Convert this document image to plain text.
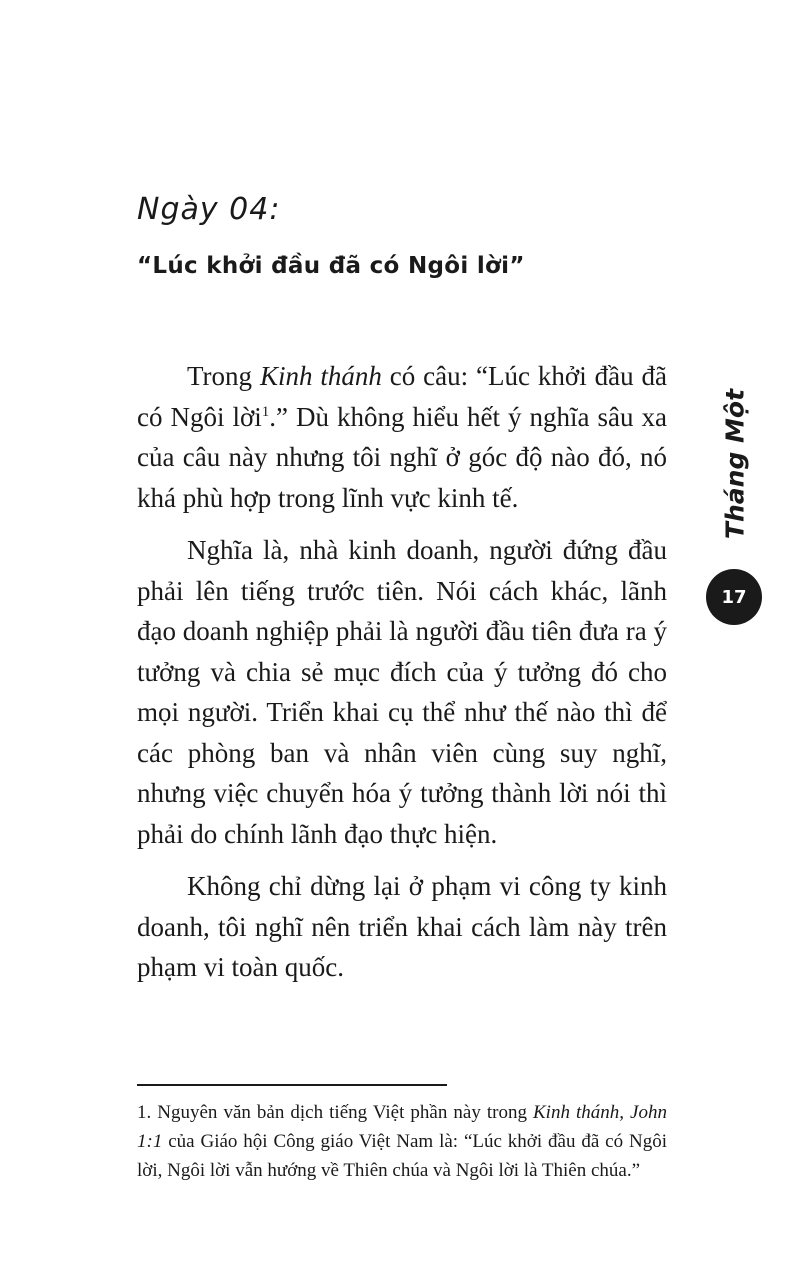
Ngày 04:
“Lúc khởi đầu đã có Ngôi lời”

Trong Kinh thánh có câu: “Lúc khởi đầu đã có Ngôi lời$^1$.” Dù không hiểu hết ý nghĩa sâu xa của câu này nhưng tôi nghĩ ở góc độ nào đó, nó khá phù hợp trong lĩnh vực kinh tế.

Nghĩa là, nhà kinh doanh, người đứng đầu phải lên tiếng trước tiên. Nói cách khác, lãnh đạo doanh nghiệp phải là người đầu tiên đưa ra ý tưởng và chia sẻ mục đích của ý tưởng đó cho mọi người. Triển khai cụ thể như thế nào thì để các phòng ban và nhân viên cùng suy nghĩ, nhưng việc chuyển hóa ý tưởng thành lời nói thì phải do chính lãnh đạo thực hiện.

Không chỉ dừng lại ở phạm vi công ty kinh doanh, tôi nghĩ nên triển khai cách làm này trên phạm vi toàn quốc.

Tháng Một
17

1. Nguyên văn bản dịch tiếng Việt phần này trong Kinh thánh, John 1:1 của Giáo hội Công giáo Việt Nam là: “Lúc khởi đầu đã có Ngôi lời, Ngôi lời vẫn hướng về Thiên chúa và Ngôi lời là Thiên chúa.”
